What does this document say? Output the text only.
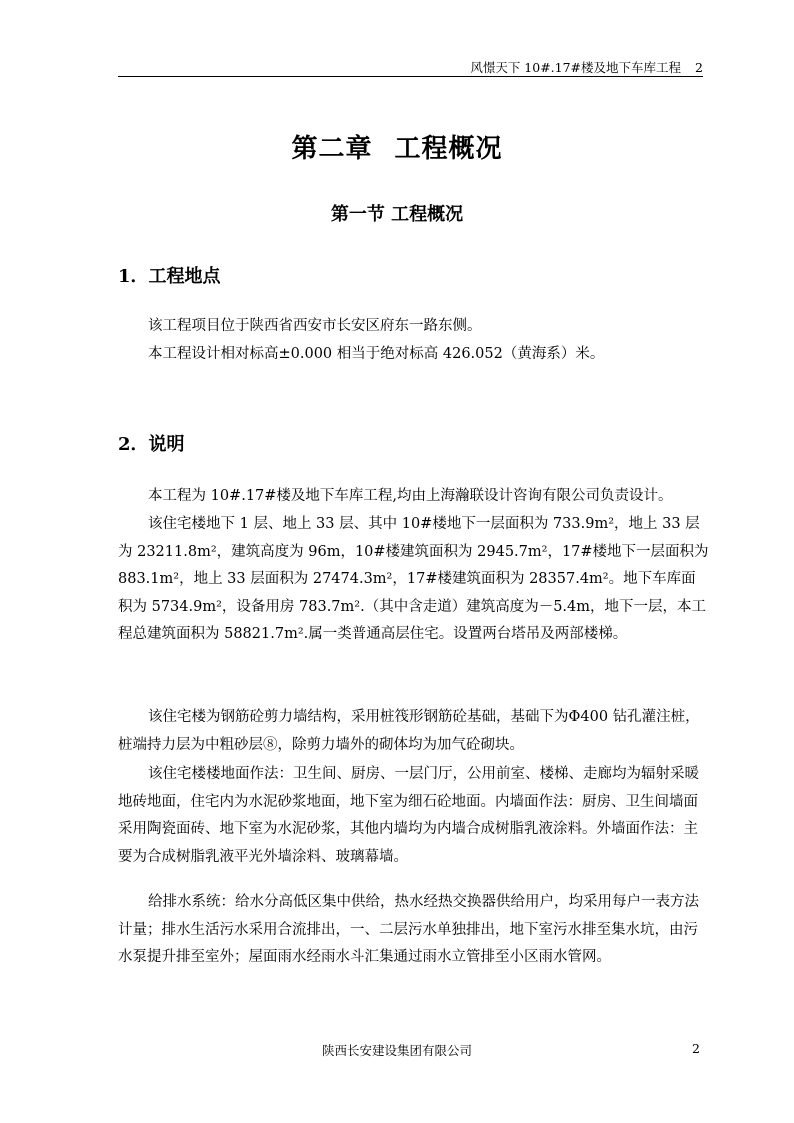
风憬天下 10#.17#楼及地下车库工程 2
第二章 工程概况
第一节 工程概况
1．工程地点
该工程项目位于陕西省西安市长安区府东一路东侧。
本工程设计相对标高±0.000 相当于绝对标高 426.052（黄海系）米。
2．说明
本工程为 10#.17#楼及地下车库工程,均由上海瀚联设计咨询有限公司负责设计。
该住宅楼地下 1 层、地上 33 层、其中 10#楼地下一层面积为 733.9m²，地上 33 层为 23211.8m²，建筑高度为 96m，10#楼建筑面积为 2945.7m²，17#楼地下一层面积为 883.1m²，地上 33 层面积为 27474.3m²，17#楼建筑面积为 28357.4m²。地下车库面积为 5734.9m²，设备用房 783.7m².（其中含走道）建筑高度为－5.4m，地下一层，本工程总建筑面积为 58821.7m².属一类普通高层住宅。设置两台塔吊及两部楼梯。
该住宅楼为钢筋砼剪力墙结构，采用桩筏形钢筋砼基础，基础下为Φ400 钻孔灌注桩，桩端持力层为中粗砂层⑧，除剪力墙外的砌体均为加气砼砌块。
该住宅楼楼地面作法：卫生间、厨房、一层门厅，公用前室、楼梯、走廊均为辐射采暖地砖地面，住宅内为水泥砂浆地面，地下室为细石砼地面。内墙面作法：厨房、卫生间墙面采用陶瓷面砖、地下室为水泥砂浆，其他内墙均为内墙合成树脂乳液涂料。外墙面作法：主要为合成树脂乳液平光外墙涂料、玻璃幕墙。
给排水系统：给水分高低区集中供给，热水经热交换器供给用户，均采用每户一表方法计量；排水生活污水采用合流排出，一、二层污水单独排出，地下室污水排至集水坑，由污水泵提升排至室外；屋面雨水经雨水斗汇集通过雨水立管排至小区雨水管网。
陕西长安建设集团有限公司	2
